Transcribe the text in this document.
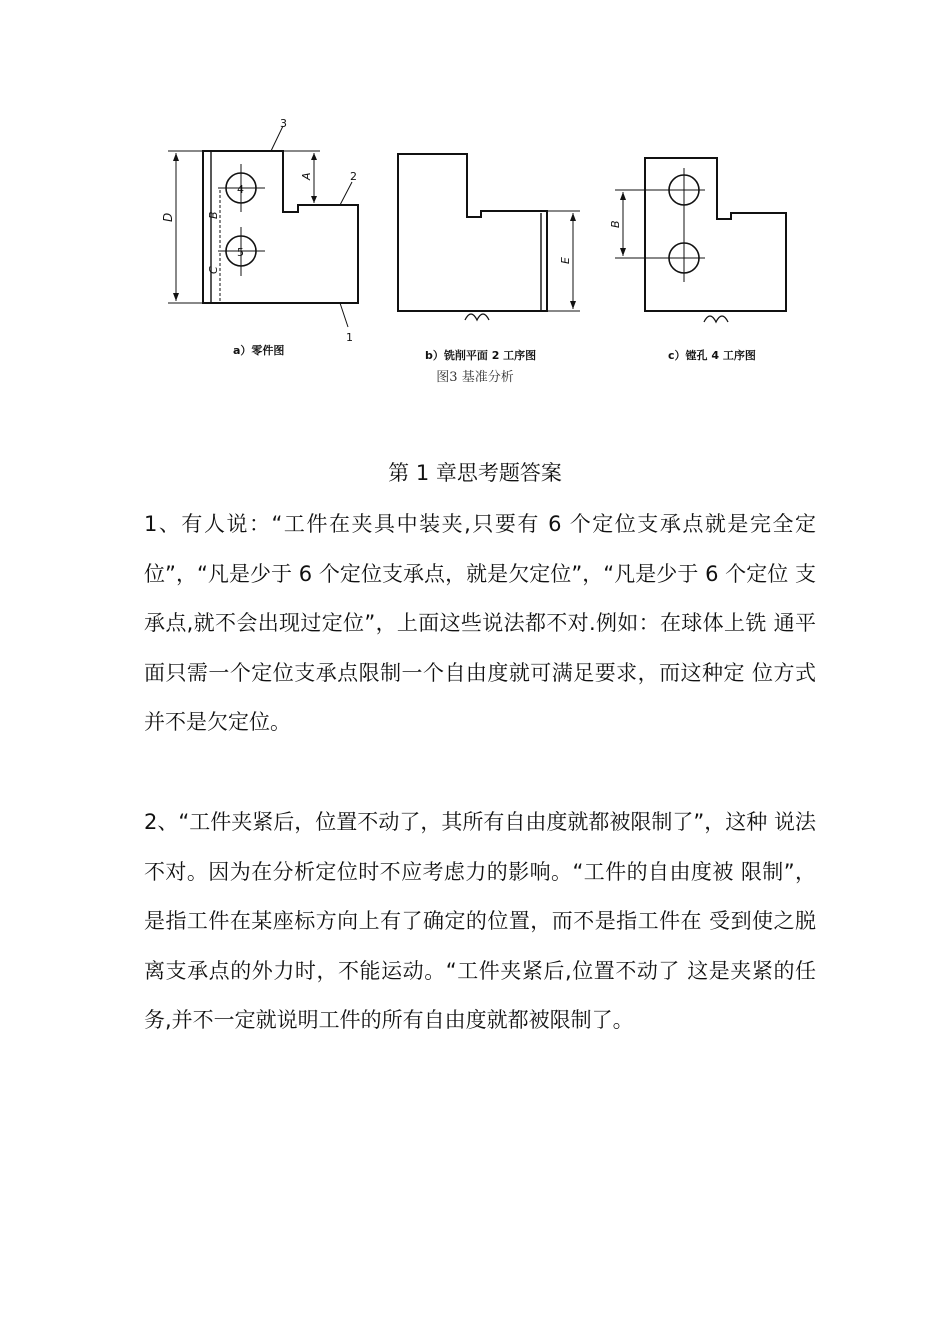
3
2
1
4
5
D	B
C
A
E
B
a）零件图	b）铣削平面 2 工序图	c）镗孔 4 工序图
图3 基准分析
第 1 章思考题答案

1、有人说：“工件在夹具中装夹,只要有 6 个定位支承点就是完全定位”，“凡是少于 6 个定位支承点，就是欠定位”，“凡是少于 6 个定位 支承点,就不会出现过定位”，上面这些说法都不对.例如：在球体上铣 通平面只需一个定位支承点限制一个自由度就可满足要求，而这种定 位方式并不是欠定位。

2、“工件夹紧后，位置不动了，其所有自由度就都被限制了”，这种 说法不对。因为在分析定位时不应考虑力的影响。“工件的自由度被 限制”，是指工件在某座标方向上有了确定的位置，而不是指工件在 受到使之脱离支承点的外力时，不能运动。“工件夹紧后,位置不动了 这是夹紧的任务,并不一定就说明工件的所有自由度就都被限制了。
